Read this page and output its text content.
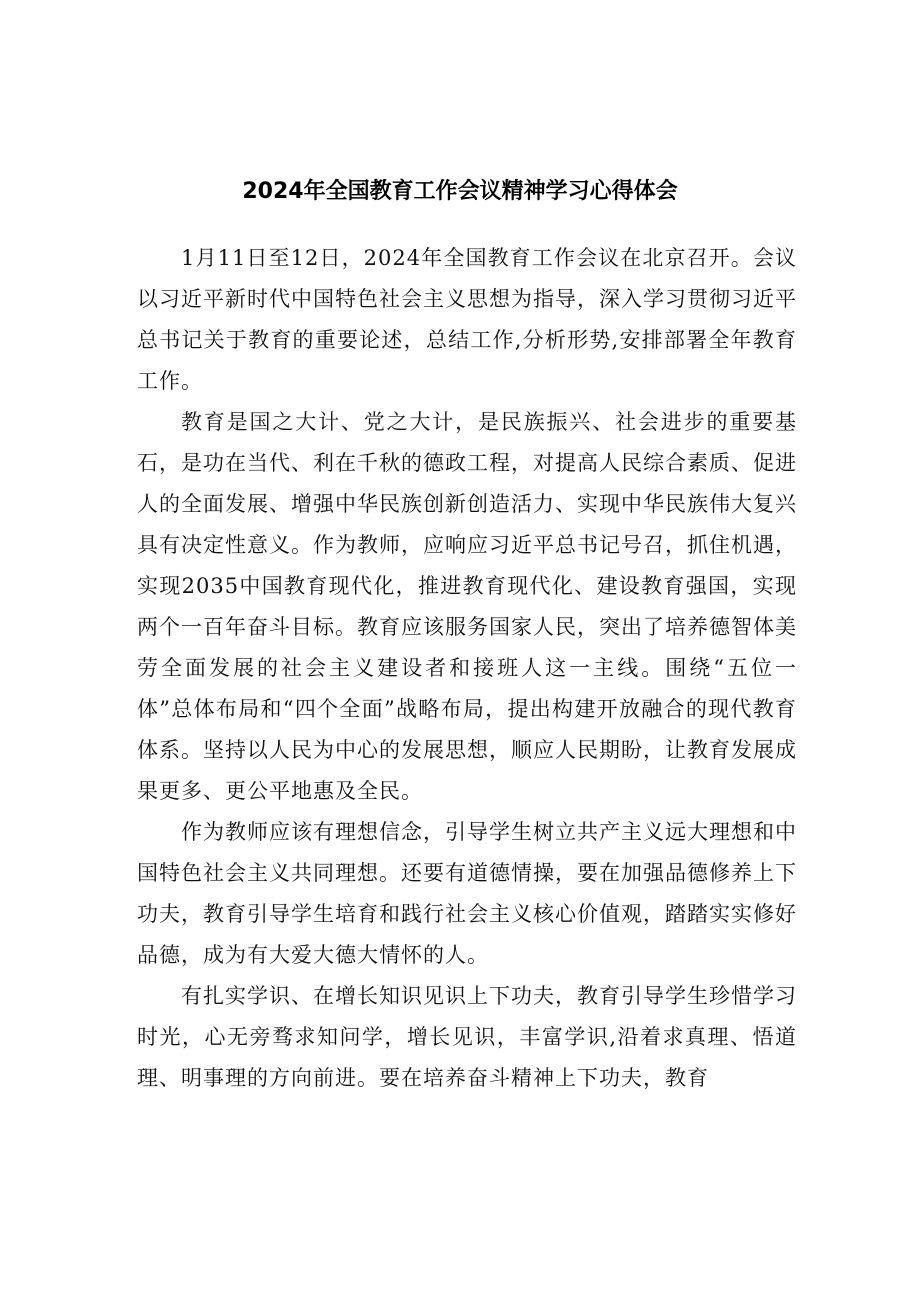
2024年全国教育工作会议精神学习心得体会

1月11日至12日，2024年全国教育工作会议在北京召开。会议以习近平新时代中国特色社会主义思想为指导，深入学习贯彻习近平总书记关于教育的重要论述，总结工作,分析形势,安排部署全年教育工作。

教育是国之大计、党之大计，是民族振兴、社会进步的重要基石，是功在当代、利在千秋的德政工程，对提高人民综合素质、促进人的全面发展、增强中华民族创新创造活力、实现中华民族伟大复兴具有决定性意义。作为教师，应响应习近平总书记号召，抓住机遇，实现2035中国教育现代化，推进教育现代化、建设教育强国，实现两个一百年奋斗目标。教育应该服务国家人民，突出了培养德智体美劳全面发展的社会主义建设者和接班人这一主线。围绕“五位一体”总体布局和“四个全面”战略布局，提出构建开放融合的现代教育体系。坚持以人民为中心的发展思想，顺应人民期盼，让教育发展成果更多、更公平地惠及全民。

作为教师应该有理想信念，引导学生树立共产主义远大理想和中国特色社会主义共同理想。还要有道德情操，要在加强品德修养上下功夫，教育引导学生培育和践行社会主义核心价值观，踏踏实实修好品德，成为有大爱大德大情怀的人。

有扎实学识、在增长知识见识上下功夫，教育引导学生珍惜学习时光，心无旁骛求知问学，增长见识，丰富学识,沿着求真理、悟道理、明事理的方向前进。要在培养奋斗精神上下功夫，教育
